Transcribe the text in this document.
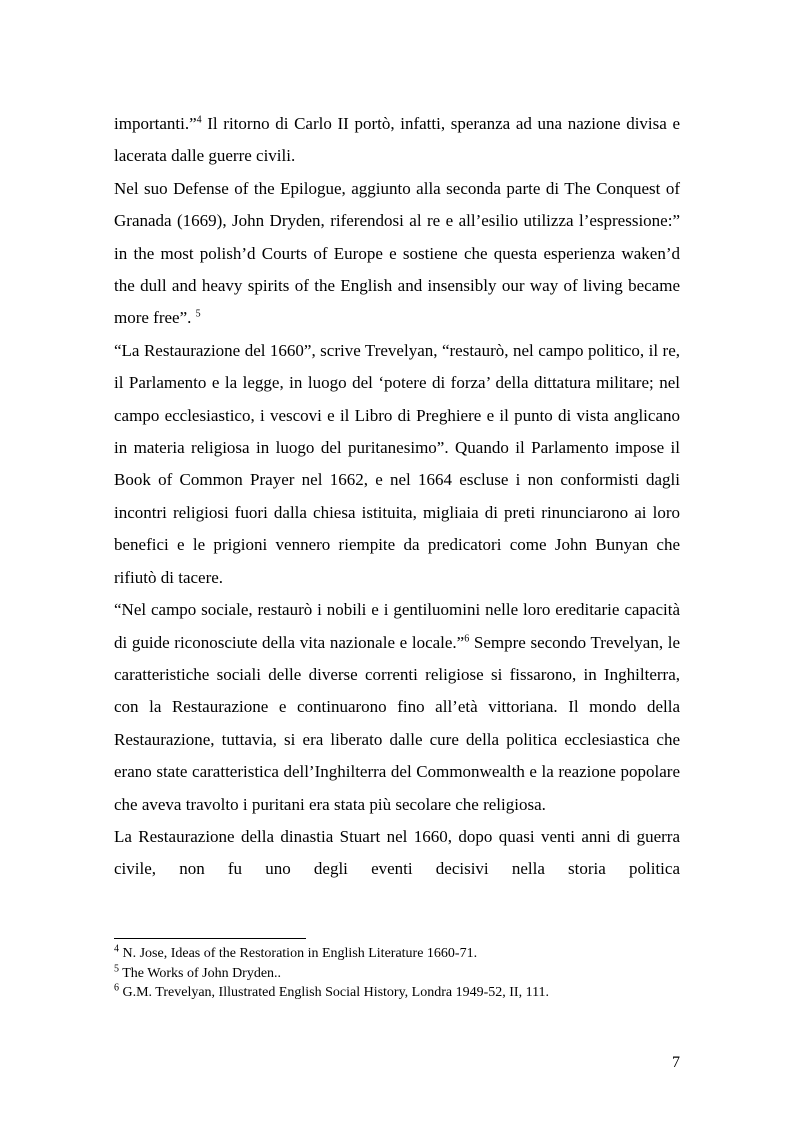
importanti.”$^4$ Il ritorno di Carlo II portò, infatti, speranza ad una nazione divisa e lacerata dalle guerre civili.

Nel suo Defense of the Epilogue, aggiunto alla seconda parte di The Conquest of Granada (1669), John Dryden, riferendosi al re e all’esilio utilizza l’espressione:” in the most polish’d Courts of Europe e sostiene che questa esperienza waken’d the dull and heavy spirits of the English and insensibly our way of living became more free”. $^5$

“La Restaurazione del 1660”, scrive Trevelyan, “restaurò, nel campo politico, il re, il Parlamento e la legge, in luogo del ‘potere di forza’ della dittatura militare; nel campo ecclesiastico, i vescovi e il Libro di Preghiere e il punto di vista anglicano in materia religiosa in luogo del puritanesimo”. Quando il Parlamento impose il Book of Common Prayer nel 1662, e nel 1664 escluse i non conformisti dagli incontri religiosi fuori dalla chiesa istituita, migliaia di preti rinunciarono ai loro benefici e le prigioni vennero riempite da predicatori come John Bunyan che rifiutò di tacere.

“Nel campo sociale, restaurò i nobili e i gentiluomini nelle loro ereditarie capacità di guide riconosciute della vita nazionale e locale.”$^6$ Sempre secondo Trevelyan, le caratteristiche sociali delle diverse correnti religiose si fissarono, in Inghilterra, con la Restaurazione e continuarono fino all’età vittoriana. Il mondo della Restaurazione, tuttavia, si era liberato dalle cure della politica ecclesiastica che erano state caratteristica dell’Inghilterra del Commonwealth e la reazione popolare che aveva travolto i puritani era stata più secolare che religiosa.

La Restaurazione della dinastia Stuart nel 1660, dopo quasi venti anni di guerra civile, non fu uno degli eventi decisivi nella storia politica

$^4$ N. Jose, Ideas of the Restoration in English Literature 1660-71.

$^5$ The Works of John Dryden..

$^6$ G.M. Trevelyan, Illustrated English Social History, Londra 1949-52, II, 111.

7
